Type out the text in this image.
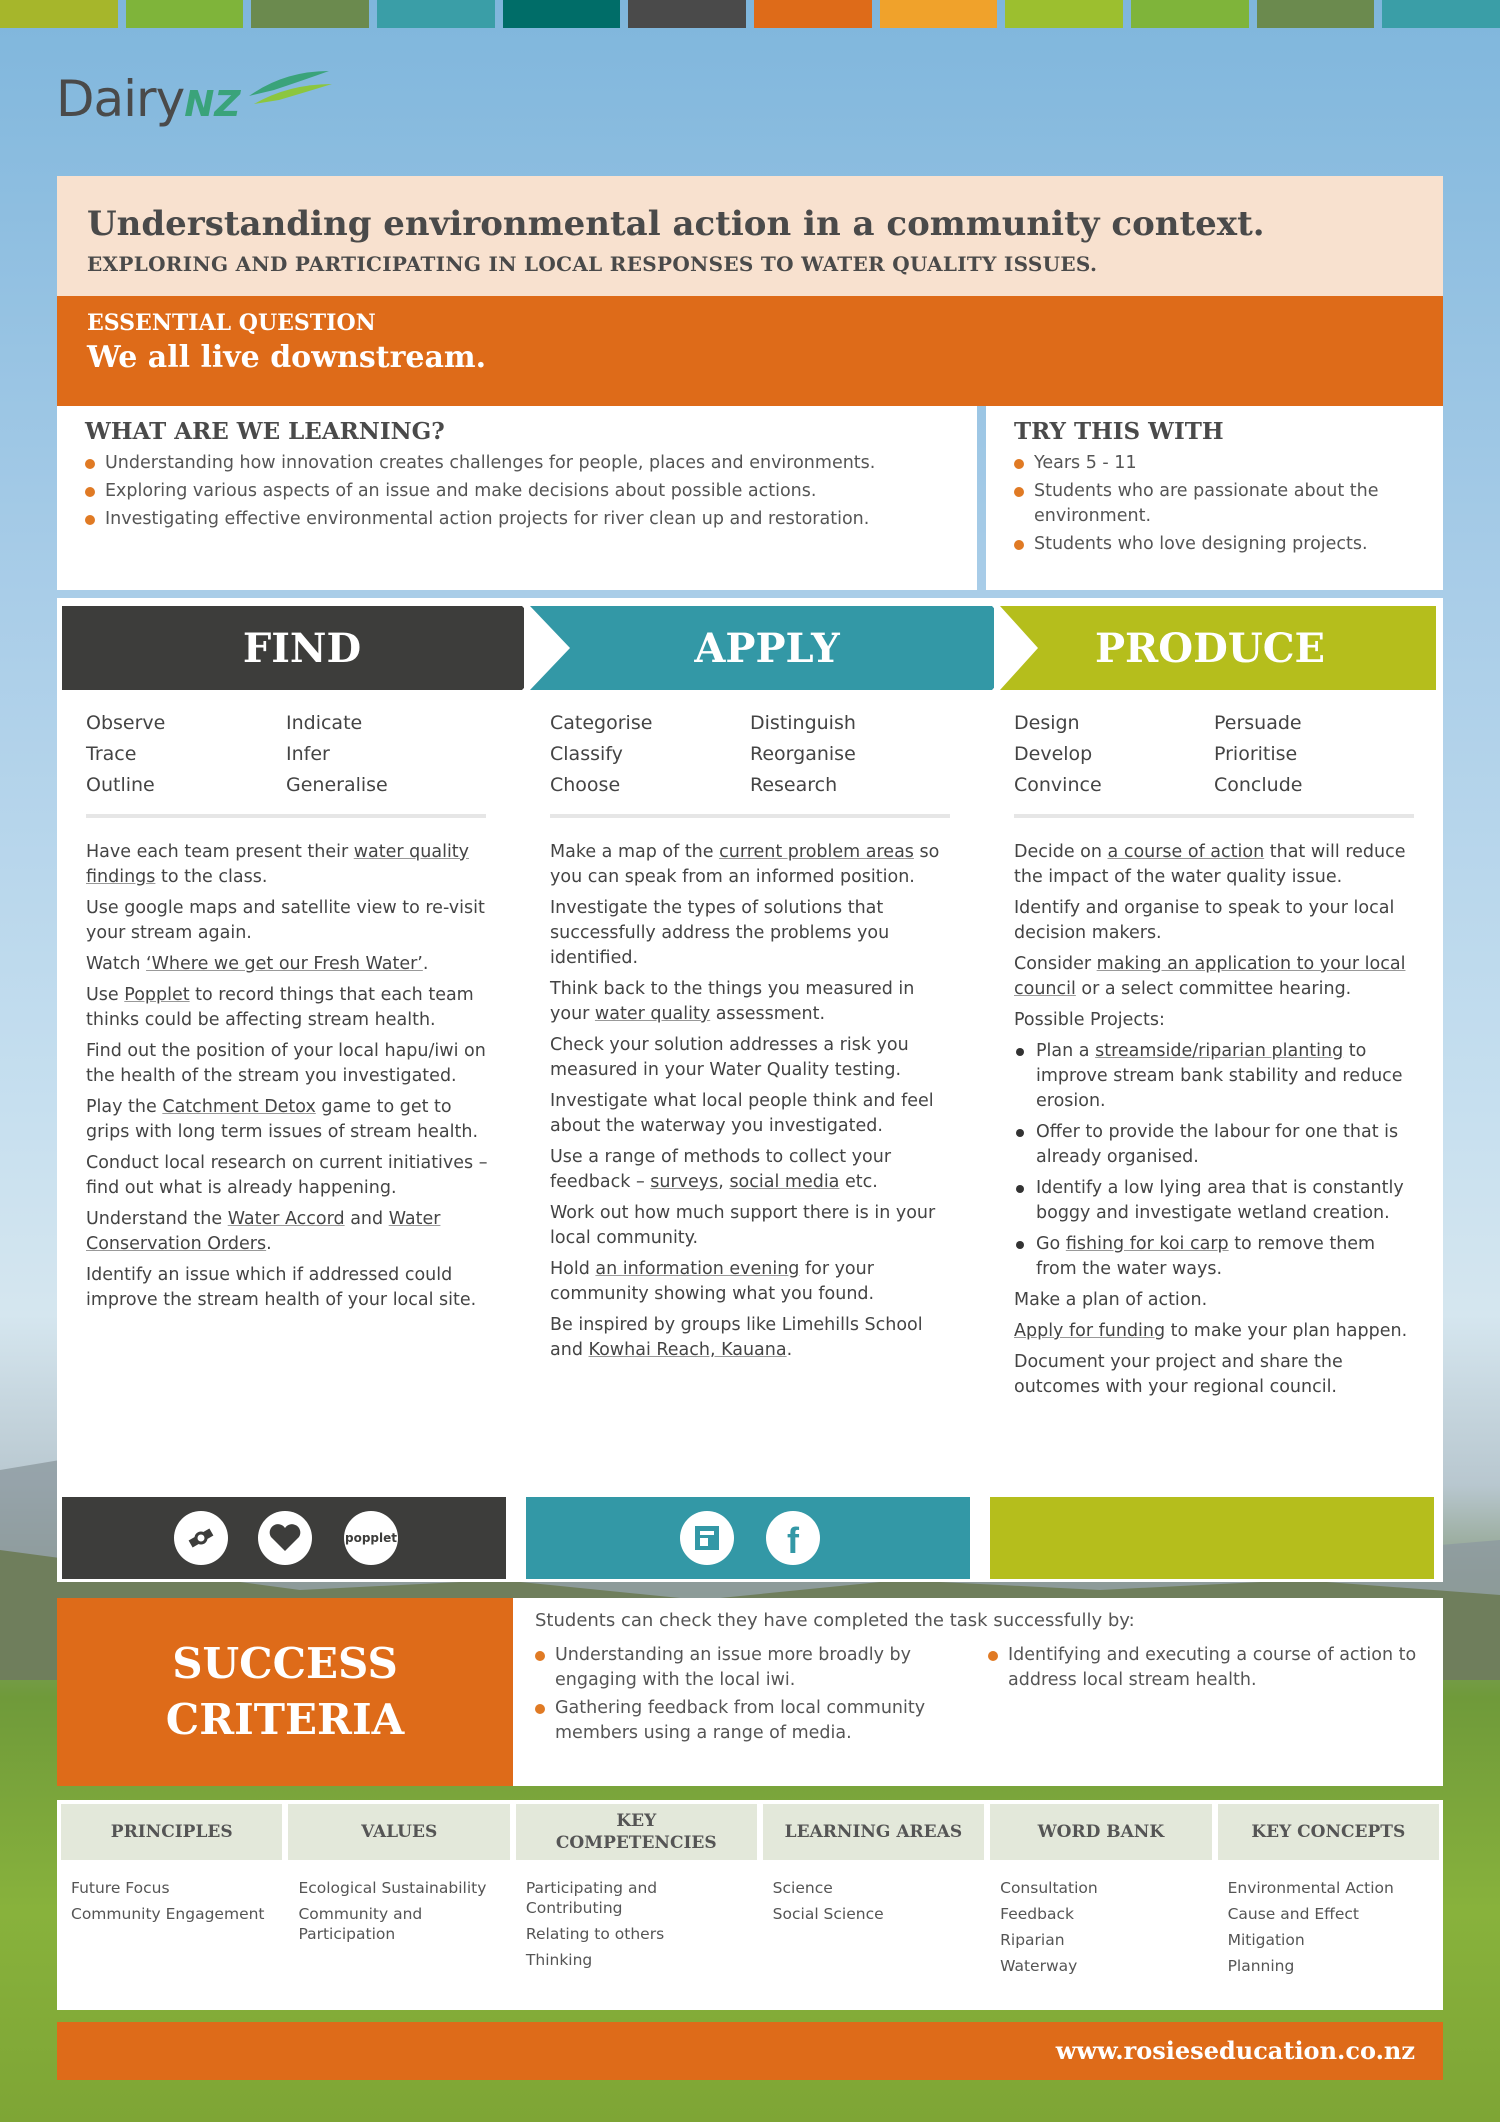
DairyNZ
Understanding environmental action in a community context.
EXPLORING AND PARTICIPATING IN LOCAL RESPONSES TO WATER QUALITY ISSUES.
ESSENTIAL QUESTION
We all live downstream.
WHAT ARE WE LEARNING?
Understanding how innovation creates challenges for people, places and environments.
Exploring various aspects of an issue and make decisions about possible actions.
Investigating effective environmental action projects for river clean up and restoration.
TRY THIS WITH
Years 5 - 11
Students who are passionate about the environment.
Students who love designing projects.
FIND	APPLY	PRODUCE
Observe	Indicate
Trace	Infer
Outline	Generalise

Have each team present their water quality findings to the class.

Use google maps and satellite view to re-visit your stream again.

Watch ‘Where we get our Fresh Water’.

Use Popplet to record things that each team thinks could be affecting stream health.

Find out the position of your local hapu/iwi on the health of the stream you investigated.

Play the Catchment Detox game to get to grips with long term issues of stream health.

Conduct local research on current initiatives – find out what is already happening.

Understand the Water Accord and Water Conservation Orders.

Identify an issue which if addressed could improve the stream health of your local site.

Categorise	Distinguish
Classify	Reorganise
Choose	Research

Make a map of the current problem areas so you can speak from an informed position.

Investigate the types of solutions that successfully address the problems you identified.

Think back to the things you measured in your water quality assessment.

Check your solution addresses a risk you measured in your Water Quality testing.

Investigate what local people think and feel about the waterway you investigated.

Use a range of methods to collect your feedback – surveys, social media etc.

Work out how much support there is in your local community.

Hold an information evening for your community showing what you found.

Be inspired by groups like Limehills School and Kowhai Reach, Kauana.

Design	Persuade
Develop	Prioritise
Convince	Conclude

Decide on a course of action that will reduce the impact of the water quality issue.

Identify and organise to speak to your local decision makers.

Consider making an application to your local council or a select committee hearing.

Possible Projects:

Plan a streamside/riparian planting to improve stream bank stability and reduce erosion.
Offer to provide the labour for one that is already organised.
Identify a low lying area that is constantly boggy and investigate wetland creation.
Go fishing for koi carp to remove them from the water ways.

Make a plan of action.

Apply for funding to make your plan happen.

Document your project and share the outcomes with your regional council.

popplet	f
SUCCESS
CRITERIA
Students can check they have completed the task successfully by:
Understanding an issue more broadly by engaging with the local iwi.
Gathering feedback from local community members using a range of media.
Identifying and executing a course of action to address local stream health.
PRINCIPLES
Future Focus
Community Engagement
VALUES
Ecological Sustainability
Community and Participation
KEY COMPETENCIES
Participating and Contributing
Relating to others
Thinking
LEARNING AREAS
Science
Social Science
WORD BANK
Consultation
Feedback
Riparian
Waterway
KEY CONCEPTS
Environmental Action
Cause and Effect
Mitigation
Planning
www.rosieseducation.co.nz
